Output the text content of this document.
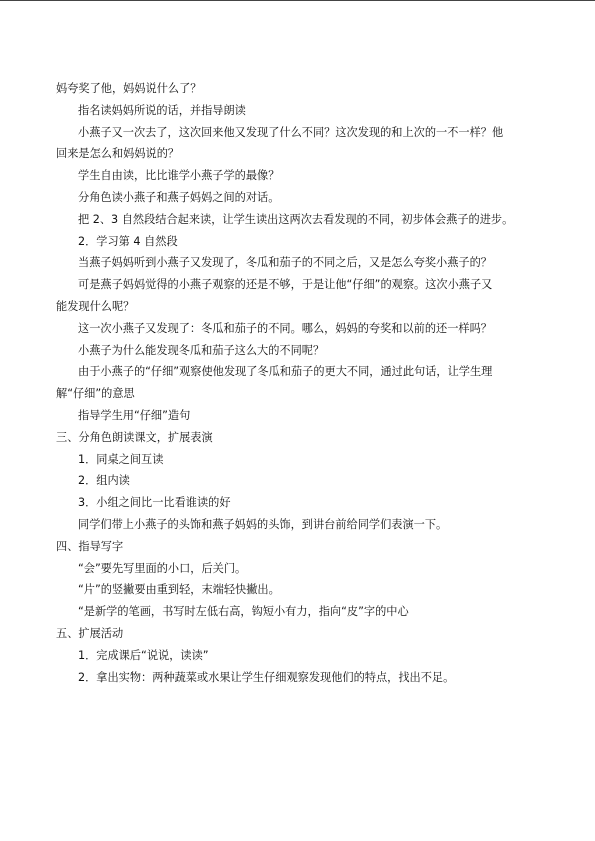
妈夸奖了他，妈妈说什么了？
指名读妈妈所说的话，并指导朗读
小燕子又一次去了，这次回来他又发现了什么不同？这次发现的和上次的一不一样？他
回来是怎么和妈妈说的？
学生自由读，比比谁学小燕子学的最像？
分角色读小燕子和燕子妈妈之间的对话。
把 2、3 自然段结合起来读，让学生读出这两次去看发现的不同，初步体会燕子的进步。
2．学习第 4 自然段
当燕子妈妈听到小燕子又发现了，冬瓜和茄子的不同之后，又是怎么夸奖小燕子的？
可是燕子妈妈觉得的小燕子观察的还是不够，于是让他“仔细”的观察。这次小燕子又
能发现什么呢？
这一次小燕子又发现了：冬瓜和茄子的不同。哪么，妈妈的夸奖和以前的还一样吗？
小燕子为什么能发现冬瓜和茄子这么大的不同呢？
由于小燕子的“仔细”观察使他发现了冬瓜和茄子的更大不同，通过此句话，让学生理
解“仔细”的意思
指导学生用“仔细”造句
三、分角色朗读课文，扩展表演
1．同桌之间互读
2．组内读
3．小组之间比一比看谁读的好
同学们带上小燕子的头饰和燕子妈妈的头饰，到讲台前给同学们表演一下。
四、指导写字
“会”要先写里面的小口，后关门。
“片”的竖撇要由重到轻，末端轻快撇出。
“是新学的笔画，书写时左低右高，钩短小有力，指向“皮”字的中心
五、扩展活动
1．完成课后“说说，读读”
2．拿出实物：两种蔬菜或水果让学生仔细观察发现他们的特点，找出不足。
